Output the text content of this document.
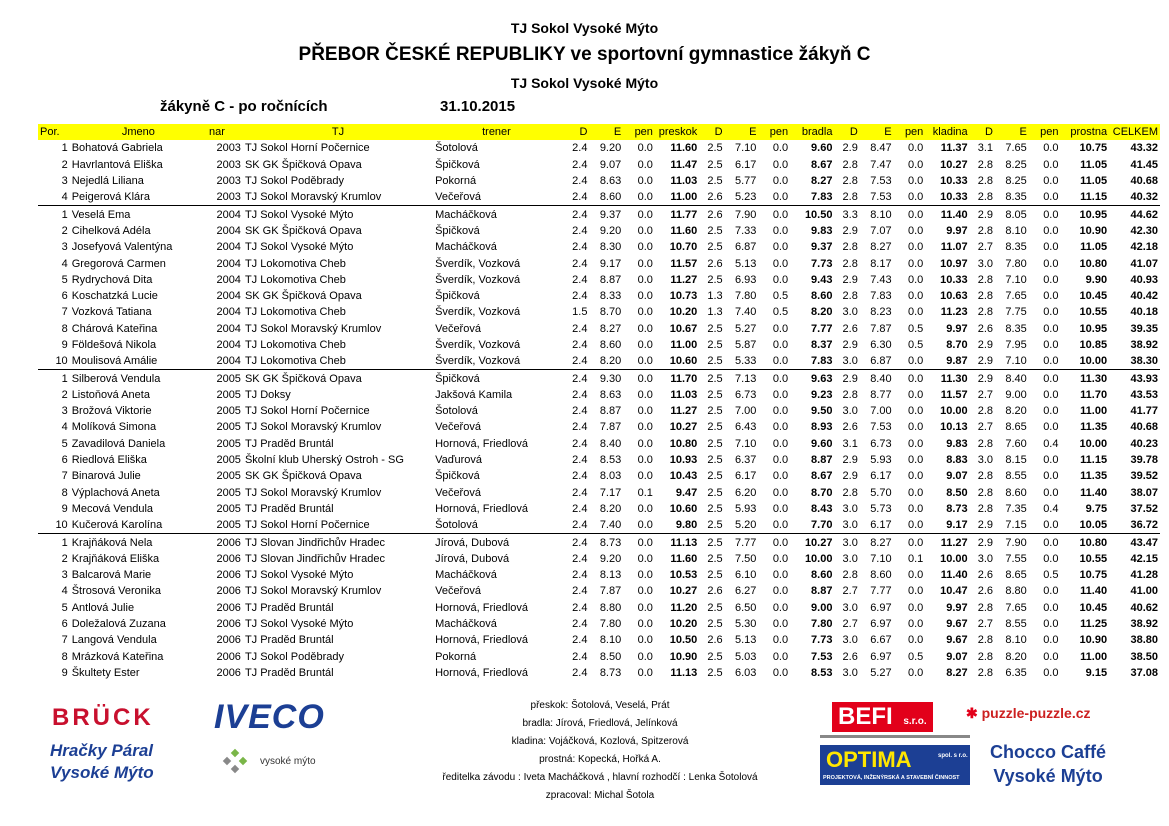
TJ Sokol Vysoké Mýto
PŘEBOR ČESKÉ REPUBLIKY ve sportovní gymnastice žákyň C
TJ Sokol Vysoké Mýto
žákyně C - po ročnících	31.10.2015
Por.	Jmeno	nar	TJ	trener	D	E	pen	preskok	D	E	pen	bradla	D	E	pen	kladina	D	E	pen	prostna	CELKEM
1	Bohatová Gabriela	2003	TJ Sokol Horní Počernice	Šotolová	2.4	9.20	0.0	11.60	2.5	7.10	0.0	9.60	2.9	8.47	0.0	11.37	3.1	7.65	0.0	10.75	43.32
2	Havrlantová Eliška	2003	SK GK Špičková Opava	Špičková	2.4	9.07	0.0	11.47	2.5	6.17	0.0	8.67	2.8	7.47	0.0	10.27	2.8	8.25	0.0	11.05	41.45
3	Nejedlá Liliana	2003	TJ Sokol Poděbrady	Pokorná	2.4	8.63	0.0	11.03	2.5	5.77	0.0	8.27	2.8	7.53	0.0	10.33	2.8	8.25	0.0	11.05	40.68
4	Peigerová Klára	2003	TJ Sokol Moravský Krumlov	Večeřová	2.4	8.60	0.0	11.00	2.6	5.23	0.0	7.83	2.8	7.53	0.0	10.33	2.8	8.35	0.0	11.15	40.32
1	Veselá Ema	2004	TJ Sokol Vysoké Mýto	Macháčková	2.4	9.37	0.0	11.77	2.6	7.90	0.0	10.50	3.3	8.10	0.0	11.40	2.9	8.05	0.0	10.95	44.62
2	Cihelková Adéla	2004	SK GK Špičková Opava	Špičková	2.4	9.20	0.0	11.60	2.5	7.33	0.0	9.83	2.9	7.07	0.0	9.97	2.8	8.10	0.0	10.90	42.30
3	Josefyová Valentýna	2004	TJ Sokol Vysoké Mýto	Macháčková	2.4	8.30	0.0	10.70	2.5	6.87	0.0	9.37	2.8	8.27	0.0	11.07	2.7	8.35	0.0	11.05	42.18
4	Gregorová Carmen	2004	TJ Lokomotiva Cheb	Šverdík, Vozková	2.4	9.17	0.0	11.57	2.6	5.13	0.0	7.73	2.8	8.17	0.0	10.97	3.0	7.80	0.0	10.80	41.07
5	Rydrychová Dita	2004	TJ Lokomotiva Cheb	Šverdík, Vozková	2.4	8.87	0.0	11.27	2.5	6.93	0.0	9.43	2.9	7.43	0.0	10.33	2.8	7.10	0.0	9.90	40.93
6	Koschatzká Lucie	2004	SK GK Špičková Opava	Špičková	2.4	8.33	0.0	10.73	1.3	7.80	0.5	8.60	2.8	7.83	0.0	10.63	2.8	7.65	0.0	10.45	40.42
7	Vozková Tatiana	2004	TJ Lokomotiva Cheb	Šverdík, Vozková	1.5	8.70	0.0	10.20	1.3	7.40	0.5	8.20	3.0	8.23	0.0	11.23	2.8	7.75	0.0	10.55	40.18
8	Chárová Kateřina	2004	TJ Sokol Moravský Krumlov	Večeřová	2.4	8.27	0.0	10.67	2.5	5.27	0.0	7.77	2.6	7.87	0.5	9.97	2.6	8.35	0.0	10.95	39.35
9	Földešová Nikola	2004	TJ Lokomotiva Cheb	Šverdík, Vozková	2.4	8.60	0.0	11.00	2.5	5.87	0.0	8.37	2.9	6.30	0.5	8.70	2.9	7.95	0.0	10.85	38.92
10	Moulisová Amálie	2004	TJ Lokomotiva Cheb	Šverdík, Vozková	2.4	8.20	0.0	10.60	2.5	5.33	0.0	7.83	3.0	6.87	0.0	9.87	2.9	7.10	0.0	10.00	38.30
1	Silberová Vendula	2005	SK GK Špičková Opava	Špičková	2.4	9.30	0.0	11.70	2.5	7.13	0.0	9.63	2.9	8.40	0.0	11.30	2.9	8.40	0.0	11.30	43.93
2	Listoňová Aneta	2005	TJ Doksy	Jakšová Kamila	2.4	8.63	0.0	11.03	2.5	6.73	0.0	9.23	2.8	8.77	0.0	11.57	2.7	9.00	0.0	11.70	43.53
3	Brožová Viktorie	2005	TJ Sokol Horní Počernice	Šotolová	2.4	8.87	0.0	11.27	2.5	7.00	0.0	9.50	3.0	7.00	0.0	10.00	2.8	8.20	0.0	11.00	41.77
4	Molíková Simona	2005	TJ Sokol Moravský Krumlov	Večeřová	2.4	7.87	0.0	10.27	2.5	6.43	0.0	8.93	2.6	7.53	0.0	10.13	2.7	8.65	0.0	11.35	40.68
5	Zavadilová Daniela	2005	TJ Praděd Bruntál	Hornová, Friedlová	2.4	8.40	0.0	10.80	2.5	7.10	0.0	9.60	3.1	6.73	0.0	9.83	2.8	7.60	0.4	10.00	40.23
6	Riedlová Eliška	2005	Školní klub Uherský Ostroh - SG	Vaďurová	2.4	8.53	0.0	10.93	2.5	6.37	0.0	8.87	2.9	5.93	0.0	8.83	3.0	8.15	0.0	11.15	39.78
7	Binarová Julie	2005	SK GK Špičková Opava	Špičková	2.4	8.03	0.0	10.43	2.5	6.17	0.0	8.67	2.9	6.17	0.0	9.07	2.8	8.55	0.0	11.35	39.52
8	Výplachová Aneta	2005	TJ Sokol Moravský Krumlov	Večeřová	2.4	7.17	0.1	9.47	2.5	6.20	0.0	8.70	2.8	5.70	0.0	8.50	2.8	8.60	0.0	11.40	38.07
9	Mecová Vendula	2005	TJ Praděd Bruntál	Hornová, Friedlová	2.4	8.20	0.0	10.60	2.5	5.93	0.0	8.43	3.0	5.73	0.0	8.73	2.8	7.35	0.4	9.75	37.52
10	Kučerová Karolína	2005	TJ Sokol Horní Počernice	Šotolová	2.4	7.40	0.0	9.80	2.5	5.20	0.0	7.70	3.0	6.17	0.0	9.17	2.9	7.15	0.0	10.05	36.72
1	Krajňáková Nela	2006	TJ Slovan Jindřichův Hradec	Jírová, Dubová	2.4	8.73	0.0	11.13	2.5	7.77	0.0	10.27	3.0	8.27	0.0	11.27	2.9	7.90	0.0	10.80	43.47
2	Krajňáková Eliška	2006	TJ Slovan Jindřichův Hradec	Jírová, Dubová	2.4	9.20	0.0	11.60	2.5	7.50	0.0	10.00	3.0	7.10	0.1	10.00	3.0	7.55	0.0	10.55	42.15
3	Balcarová Marie	2006	TJ Sokol Vysoké Mýto	Macháčková	2.4	8.13	0.0	10.53	2.5	6.10	0.0	8.60	2.8	8.60	0.0	11.40	2.6	8.65	0.5	10.75	41.28
4	Štrosová Veronika	2006	TJ Sokol Moravský Krumlov	Večeřová	2.4	7.87	0.0	10.27	2.6	6.27	0.0	8.87	2.7	7.77	0.0	10.47	2.6	8.80	0.0	11.40	41.00
5	Antlová Julie	2006	TJ Praděd Bruntál	Hornová, Friedlová	2.4	8.80	0.0	11.20	2.5	6.50	0.0	9.00	3.0	6.97	0.0	9.97	2.8	7.65	0.0	10.45	40.62
6	Doležalová Zuzana	2006	TJ Sokol Vysoké Mýto	Macháčková	2.4	7.80	0.0	10.20	2.5	5.30	0.0	7.80	2.7	6.97	0.0	9.67	2.7	8.55	0.0	11.25	38.92
7	Langová Vendula	2006	TJ Praděd Bruntál	Hornová, Friedlová	2.4	8.10	0.0	10.50	2.6	5.13	0.0	7.73	3.0	6.67	0.0	9.67	2.8	8.10	0.0	10.90	38.80
8	Mrázková Kateřina	2006	TJ Sokol Poděbrady	Pokorná	2.4	8.50	0.0	10.90	2.5	5.03	0.0	7.53	2.6	6.97	0.5	9.07	2.8	8.20	0.0	11.00	38.50
9	Škultety Ester	2006	TJ Praděd Bruntál	Hornová, Friedlová	2.4	8.73	0.0	11.13	2.5	6.03	0.0	8.53	3.0	5.27	0.0	8.27	2.8	6.35	0.0	9.15	37.08
přeskok: Šotolová, Veselá, Prát
bradla: Jírová, Friedlová, Jelínková
kladina: Vojáčková, Kozlová, Spitzerová
prostná: Kopecká, Hořká A.
ředitelka závodu : Iveta Macháčková , hlavní rozhodčí : Lenka Šotolová
zpracoval: Michal Šotola
BRÜCK IVECO
Hračky Páral
Vysoké Mýto
vysoké mýto
BEFI s.r.o.
✱ puzzle-puzzle.cz
OPTIMA	spol. s r.o.
PROJEKTOVÁ, INŽENÝRSKÁ A STAVEBNÍ ČINNOST
Chocco Caffé
Vysoké Mýto
